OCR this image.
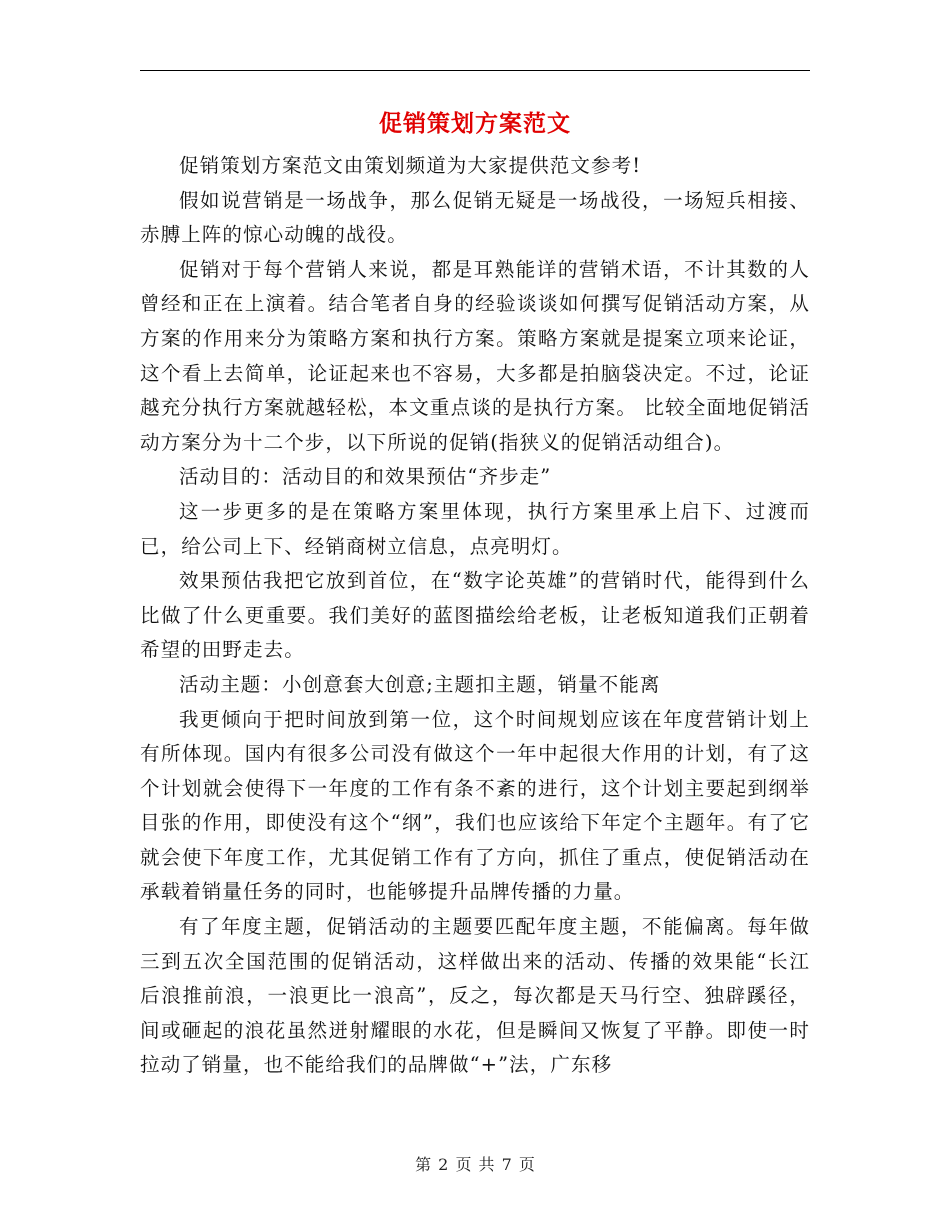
促销策划方案范文

促销策划方案范文由策划频道为大家提供范文参考!

假如说营销是一场战争，那么促销无疑是一场战役，一场短兵相接、赤膊上阵的惊心动魄的战役。

促销对于每个营销人来说，都是耳熟能详的营销术语，不计其数的人曾经和正在上演着。结合笔者自身的经验谈谈如何撰写促销活动方案，从方案的作用来分为策略方案和执行方案。策略方案就是提案立项来论证，这个看上去简单，论证起来也不容易，大多都是拍脑袋决定。不过，论证越充分执行方案就越轻松，本文重点谈的是执行方案。 比较全面地促销活动方案分为十二个步，以下所说的促销(指狭义的促销活动组合)。

活动目的：活动目的和效果预估“齐步走”

这一步更多的是在策略方案里体现，执行方案里承上启下、过渡而已，给公司上下、经销商树立信息，点亮明灯。

效果预估我把它放到首位，在“数字论英雄”的营销时代，能得到什么比做了什么更重要。我们美好的蓝图描绘给老板，让老板知道我们正朝着希望的田野走去。

活动主题：小创意套大创意;主题扣主题，销量不能离

我更倾向于把时间放到第一位，这个时间规划应该在年度营销计划上有所体现。国内有很多公司没有做这个一年中起很大作用的计划，有了这个计划就会使得下一年度的工作有条不紊的进行，这个计划主要起到纲举目张的作用，即使没有这个“纲”，我们也应该给下年定个主题年。有了它就会使下年度工作，尤其促销工作有了方向，抓住了重点，使促销活动在承载着销量任务的同时，也能够提升品牌传播的力量。

有了年度主题，促销活动的主题要匹配年度主题，不能偏离。每年做三到五次全国范围的促销活动，这样做出来的活动、传播的效果能“长江后浪推前浪，一浪更比一浪高”，反之，每次都是天马行空、独辟蹊径，间或砸起的浪花虽然迸射耀眼的水花，但是瞬间又恢复了平静。即使一时拉动了销量，也不能给我们的品牌做“+”法，广东移

第 2 页 共 7 页
